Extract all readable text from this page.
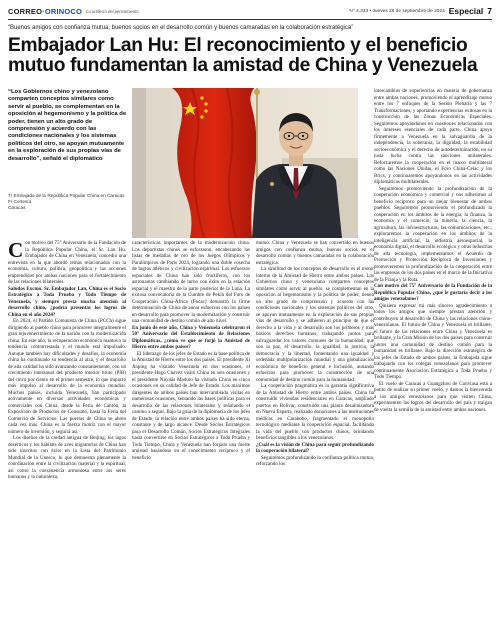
CORREO·ORINOCO La artillería del pensamiento	N° 4.333 • Jueves 26 de septiembre de 2024 Especial 7
“Buenos amigos con confianza mutua, buenos socios en el desarrollo común y buenos camaradas en la colaboración estratégica”
Embajador Lan Hu: El reconocimiento y el beneficio mutuo fundamentan la amistad de China y Venezuela
“Los Gobiernos chino y venezolano comparten conceptos similares como servir al pueblo, se complementan en la oposición al hegemonismo y la política de poder, tienen un alto grado de comprensión y acuerdo con las condiciones nacionales y los sistemas políticos del otro, se apoyan mutuamente en la exploración de sus propias vías de desarrollo”, señaló el diplomático
T/ Embajada de la República Popular China en Caracas
F/ Cortesía
Caracas

Con motivo del 75° Aniversario de la Fundación de la República Popular China, el Sr. Lan Hu, Embajador de China en Venezuela, concedió una entrevista en la que abordó temas relacionados con la economía, cultura, política, geopolítica y las acciones emprendidas por ambas naciones para el fortalecimiento de las relaciones bilaterales.

Saludos Excmo. Sr. Embajador Lan, China es el Socio Estratégico a Toda Prueba y Todo Tiempo de Venezuela, y siempre presta mucha atención al desarrollo chino, ¿podría presentar los logros de China en el año 2024?

En 2024, el Partido Comunista de China (PCCh) sigue dirigiendo al pueblo chino para promover integralmente el gran rejuvenecimiento de la nación con la modernización china. En este año, la recuperación económica mantuvo la tendencia contrarrestada y el mundo está impulsado. Aunque también hay dificultades y desafíos, la economía china ha continuado su tendencia al alza, y el desarrollo de alta calidad ha sido avanzando constantemente, con un crecimiento interanual del producto interior bruto (PIB) del cinco por ciento en el primer semestre, lo que impactó más impulsó al desarrollo de la economía mundial. Muchos países, incluida Venezuela, han participado activamente en diversas actividades económicas y comerciales con China, desde la Feria de Cantón, la Exposición de Productos de Consumo, hasta la Feria del Comercio de Servicios. Las puertas de China se abren cada vez más. China es la fuerza motriz con el mayor número de inversión, y seguirá así.

Los diseños de la ciudad antigua de Beijing, los lagos desérticos y los hábitats de aves migratorias de China han sido inscritos con éxito en la Lista del Patrimonio Mundial de la Unesco, lo que demuestra plenamente la coordinación entre la civilización material y la espiritual, así como la coexistencia armoniosa entre los seres humanos y la naturaleza,

características importantes de la modernización china. Los deportistas chinos se esforzaron, encabezando las listas de medallas de oro de los Juegos Olímpicos y Paralímpicos de París 2024, logrando una doble cosecha de logros atléticos y civilización espiritual. Los esfuerzos espaciales de China han sido fructíferos, con los astronautas cambiando de turno con éxito en la estación espacial y el maestro de la parte posterior de la Luna. La exitosa convocatoria de la Cumbre de Pekín del Foro de Cooperación China-África (Focac) demostró la firme determinación de China de aunar esfuerzos con los países en desarrollo para promover la modernización y construir una comunidad de destino común de alto nivel.

En junio de este año, China y Venezuela celebraron el 50° Aniversario del Establecimiento de Relaciones Diplomáticas, ¿cómo ve que se forjó la Amistad de Hierro entre ambos países?

El liderazgo de los jefes de Estado es la base política de la Amistad de Hierro entre los dos países. El presidente Xi Jinping ha visitado Venezuela en dos ocasiones, el presidente Hugo Chávez visitó China en seis ocasiones y el presidente Nicolás Maduro ha visitado China en cinco ocasiones en su calidad de Jefe de Estado. Los máximos dirigentes de ambos países han intercambiado visitas en numerosas ocasiones, sentando las bases políticas para el desarrollo de las relaciones bilaterales y señalando el camino a seguir. Bajo la guía de la diplomacia de los jefes de Estado, la relación entre ambos países ha sido eterna, constante y de largo alcance. Desde Socios Estratégicos para el Desarrollo Común, Socios Estratégicos Integrales hasta convertirse en Socios Estratégicos a Toda Prueba y Todo Tiempo, China y Venezuela han forjado una fuerte amistad basándose en el conocimiento recíproco y el beneficio

mutuo. China y Venezuela se han convertido en buenos amigos con confianza mutua, buenos socios en el desarrollo común y buenos camaradas en la colaboración estratégica.

La similitud de los conceptos de desarrollo es el motor interno de la Amistad de Hierro entre ambos países. Los Gobiernos chino y venezolano comparten conceptos similares como servir al pueblo, se complementan en la oposición al hegemonismo y la política de poder, tienen un alto grado de comprensión y acuerdo con las condiciones nacionales y los sistemas políticos del otro, se apoyan mutuamente en la exploración de sus propias vías de desarrollo y se adhieren al principio de que el derecho a la vida y al desarrollo son los primeros y más básicos derechos humanos, trabajando juntos para salvaguardar los valores comunes de la humanidad, que son la paz, el desarrollo, la igualdad, la justicia, la democracia y la libertad, fomentando una igualdad y ordenada multipolarización mundial y una globalización económica de beneficio general e inclusión, aunando esfuerzos para promover la construcción de una comunidad de destino común para la humanidad.

La cooperación pragmática es la garantía significativa de la Amistad de Hierro entre ambos países. China ha construido viviendas residenciales en Caracas, ampliado puertos en Bolívar, construido una planta desalinizadora en Nueva Esparta, realizado donaciones a las instituciones médicas en Carabobo, fragmentado el monopolio tecnológico mediante la cooperación espacial, facilitando la vida del pueblo con productos chinos, brindando beneficios tangibles a los venezolanos.

¿Cuál es la visión de China para seguir profundizando la cooperación bilateral?

Seguiremos profundizando la confianza política mutua, reforzando los

intercambios de experiencias en materia de gobernanza entre ambas naciones, promoviendo el aprendizaje mutuo entre los 7 enfoques de la Sesión Plenaria y las 7 Transformaciones, y aportando experiencias exitosas en la construcción de las Zonas Económicas Especiales. Seguiremos apoyándonos en cuestiones relacionadas con los intereses esenciales de cada parte. China apoya firmemente a Venezuela en la salvaguardia de la independencia, la soberanía, la dignidad, la estabilidad socioeconómica y el derecho de autodeterminación, en su justa lucha contra las sanciones unilaterales. Reforzaremos la cooperación en el marco multilateral como las Naciones Unidas, el Foro China-Celac y los Brics, y continuaremos apoyándonos en las actividades diplomáticas multilaterales.

Seguiremos promoviendo la profundización de la cooperación económica y comercial y nos adherimos al beneficio recíproco para un mejor bienestar de ambos pueblos. Seguiremos promoviendo el profundizado la cooperación en los ámbitos de la energía, la finanza, la economía y el comercio, la minería, la ciencia, la agricultura, las infraestructuras, las comunicaciones, etc., exploraremos la cooperación en los ámbitos de la inteligencia artificial, la industria aeroespacial, la economía digital, el desarrollo ecológico y otras industrias de alta tecnología, implementamos el Acuerdo de Promoción y Protección Recíproca de Inversiones y promoveremos la profundización de la cooperación entre las empresas de los dos países en el marco de la Iniciativa de la Franja y la Ruta.

Con motivo del 75° Aniversario de la Fundación de la República Popular China, ¿qué le gustaría decir a los amigos venezolanos?

Quisiera expresar mi más sincero agradecimiento a todos los amigos que siempre prestan atención y contribuyen al desarrollo de China y las relaciones chino-venezolanas. El futuro de China y Venezuela es brillante, el futuro de las relaciones entre China y Venezuela es brillante, y la Gran Misión de los dos países para construir juntos una comunidad de destino común para la humanidad es brillante. Bajo la dirección estratégica de los jefes de Estado de ambos países, la Embajada sigue trabajando con los colegas venezolanos para promover continuamente Asociación Estratégica a Toda Prueba y Todo Tiempo.

El vuelo de Caracas a Guangzhou de Conviasa está a punto de realizar su primer vuelo, y damos la bienvenida a los amigos venezolanos para que visiten China, experimenten las logros del desarrollo del país y traigan de vuelta la semilla de la amistad entre ambas naciones.
